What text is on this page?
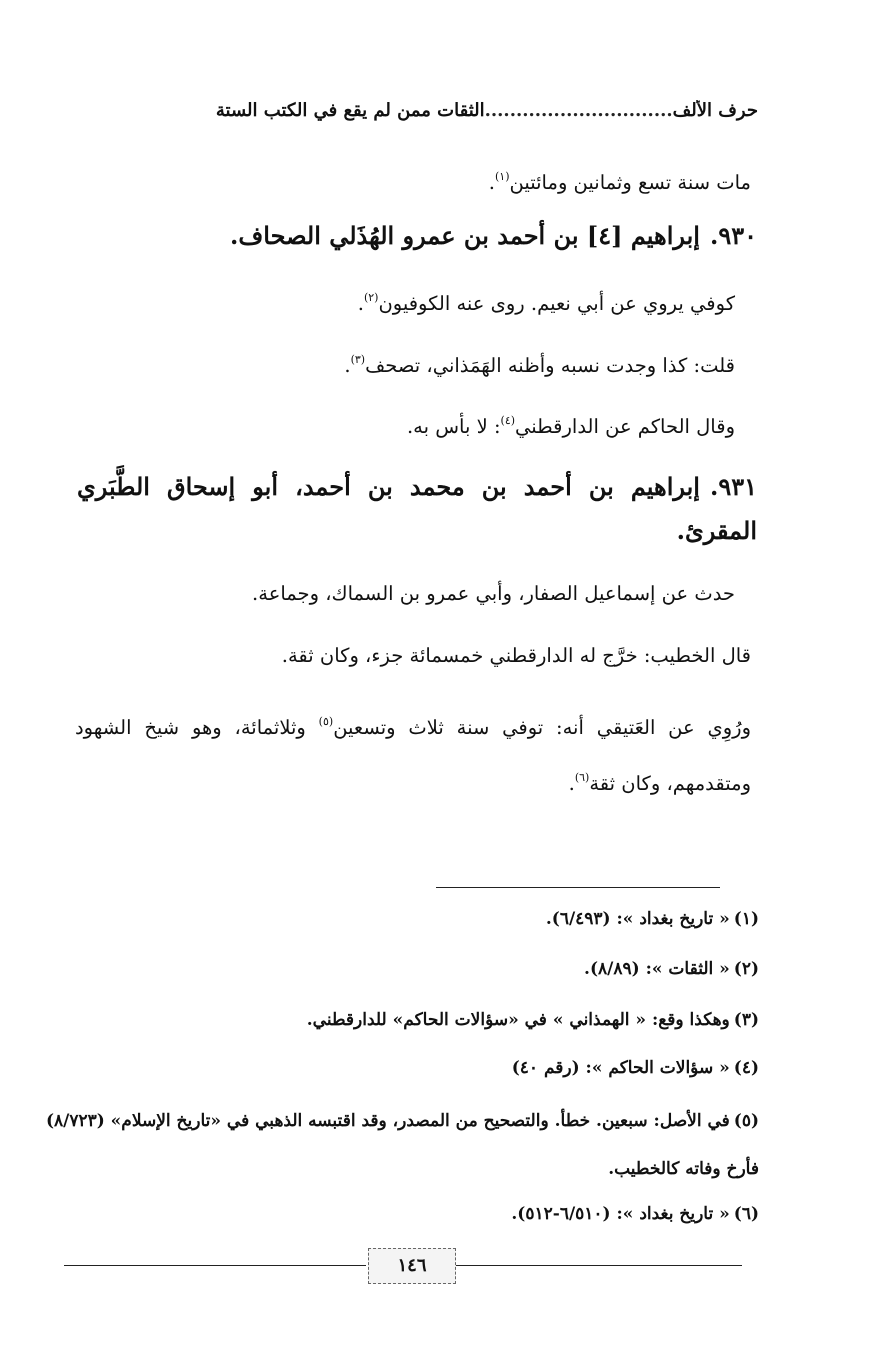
حرف الألف..............................الثقات ممن لم يقع في الكتب الستة
مات سنة تسع وثمانين ومائتين$^{(١)}$.
٩٣٠.إبراهيم [٤] بن أحمد بن عمرو الهُذَلي الصحاف.
كوفي يروي عن أبي نعيم. روى عنه الكوفيون$^{(٢)}$.
قلت: كذا وجدت نسبه وأظنه الهَمَذاني، تصحف$^{(٣)}$.
وقال الحاكم عن الدارقطني$^{(٤)}$: لا بأس به.
٩٣١.إبراهيم بن أحمد بن محمد بن أحمد، أبو إسحاق الطَّبَري المقرئ.
حدث عن إسماعيل الصفار، وأبي عمرو بن السماك، وجماعة.
قال الخطيب: خرَّج له الدارقطني خمسمائة جزء، وكان ثقة.
ورُوِي عن العَتيقي أنه: توفي سنة ثلاث وتسعين$^{(٥)}$ وثلاثمائة، وهو شيخ الشهود ومتقدمهم، وكان ثقة$^{(٦)}$.
(١)« تاريخ بغداد »: (٦/٤٩٣).
(٢)« الثقات »: (٨/٨٩).
(٣)وهكذا وقع: « الهمذاني » في «سؤالات الحاكم» للدارقطني.
(٤)« سؤالات الحاكم »: (رقم ٤٠)
(٥)في الأصل: سبعين. خطأ. والتصحيح من المصدر، وقد اقتبسه الذهبي في «تاريخ الإسلام» (٨/٧٢٣) فأرخ وفاته كالخطيب.
(٦)« تاريخ بغداد »: (٦/٥١٠-٥١٢).
١٤٦
